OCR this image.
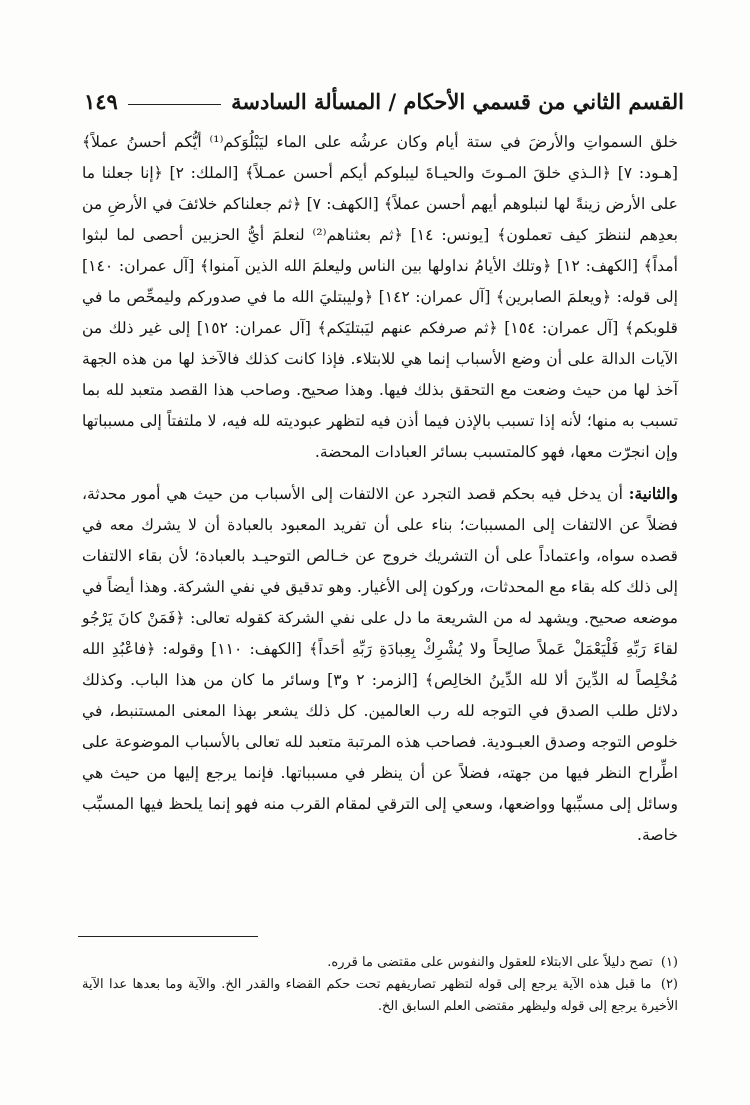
القسم الثاني من قسمي الأحكام / المسألة السادسة
١٤٩

خلق السمواتِ والأرضَ في ستة أيام وكان عرشُه على الماء ليَبْلُوَكم⁽¹⁾ أيُّكم أحسنُ عملاً﴾ [هـود: ٧] ﴿الـذي خلقَ المـوتَ والحيـاةَ ليبلوكم أيكم أحسن عمـلاً﴾ [الملك: ٢] ﴿إنا جعلنا ما على الأرض زينةً لها لنبلوهم أيهم أحسن عملاً﴾ [الكهف: ٧] ﴿ثم جعلناكم خلائفَ في الأرضِ من بعدِهم لننظرَ كيف تعملون﴾ [يونس: ١٤] ﴿ثم بعثناهم⁽²⁾ لنعلمَ أيُّ الحزبين أحصى لما لبثوا أمداً﴾ [الكهف: ١٢] ﴿وتلك الأيامُ نداولها بين الناس وليعلمَ الله الذين آمنوا﴾ [آل عمران: ١٤٠] إلى قوله: ﴿ويعلمَ الصابرين﴾ [آل عمران: ١٤٢] ﴿وليبتليَ الله ما في صدوركم وليمحِّص ما في قلوبكم﴾ [آل عمران: ١٥٤] ﴿ثم صرفكم عنهم ليَبتليَكم﴾ [آل عمران: ١٥٢] إلى غير ذلك من الآيات الدالة على أن وضع الأسباب إنما هي للابتلاء. فإذا كانت كذلك فالآخذ لها من هذه الجهة آخذ لها من حيث وضعت مع التحقق بذلك فيها. وهذا صحيح. وصاحب هذا القصد متعبد لله بما تسبب به منها؛ لأنه إذا تسبب بالإذن فيما أذن فيه لتظهر عبوديته لله فيه، لا ملتفتاً إلى مسبباتها وإن انجرّت معها، فهو كالمتسبب بسائر العبادات المحضة.

والثانية: أن يدخل فيه بحكم قصد التجرد عن الالتفات إلى الأسباب من حيث هي أمور محدثة، فضلاً عن الالتفات إلى المسببات؛ بناء على أن تفريد المعبود بالعبادة أن لا يشرك معه في قصده سواه، واعتماداً على أن التشريك خروج عن خـالص التوحيـد بالعبادة؛ لأن بقاء الالتفات إلى ذلك كله بقاء مع المحدثات، وركون إلى الأغيار. وهو تدقيق في نفي الشركة. وهذا أيضاً في موضعه صحيح. ويشهد له من الشريعة ما دل على نفي الشركة كقوله تعالى: ﴿فَمَنْ كانَ يَرْجُو لقاءَ رَبِّهِ فَلْيَعْمَلْ عَملاً صالِحاً ولا يُشْرِكْ بِعِبادَةِ رَبِّهِ أحَداً﴾ [الكهف: ١١٠] وقوله: ﴿فاعْبُدِ الله مُخْلِصاً له الدِّينَ ألا لله الدِّينُ الخالِص﴾ [الزمر: ٢ و٣] وسائر ما كان من هذا الباب. وكذلك دلائل طلب الصدق في التوجه لله رب العالمين. كل ذلك يشعر بهذا المعنى المستنبط، في خلوص التوجه وصدق العبـودية. فصاحب هذه المرتبة متعبد لله تعالى بالأسباب الموضوعة على اطِّراح النظر فيها من جهته، فضلاً عن أن ينظر في مسبباتها. فإنما يرجع إليها من حيث هي وسائل إلى مسبِّبها وواضعها، وسعي إلى الترقي لمقام القرب منه فهو إنما يلحظ فيها المسبِّب خاصة.

(١) تصح دليلاً على الابتلاء للعقول والنفوس على مقتضى ما قرره.

(٢) ما قبل هذه الآية يرجع إلى قوله لتظهر تصاريفهم تحت حكم القضاء والقدر الخ. والآية وما بعدها عدا الآية الأخيرة يرجع إلى قوله وليظهر مقتضى العلم السابق الخ.
